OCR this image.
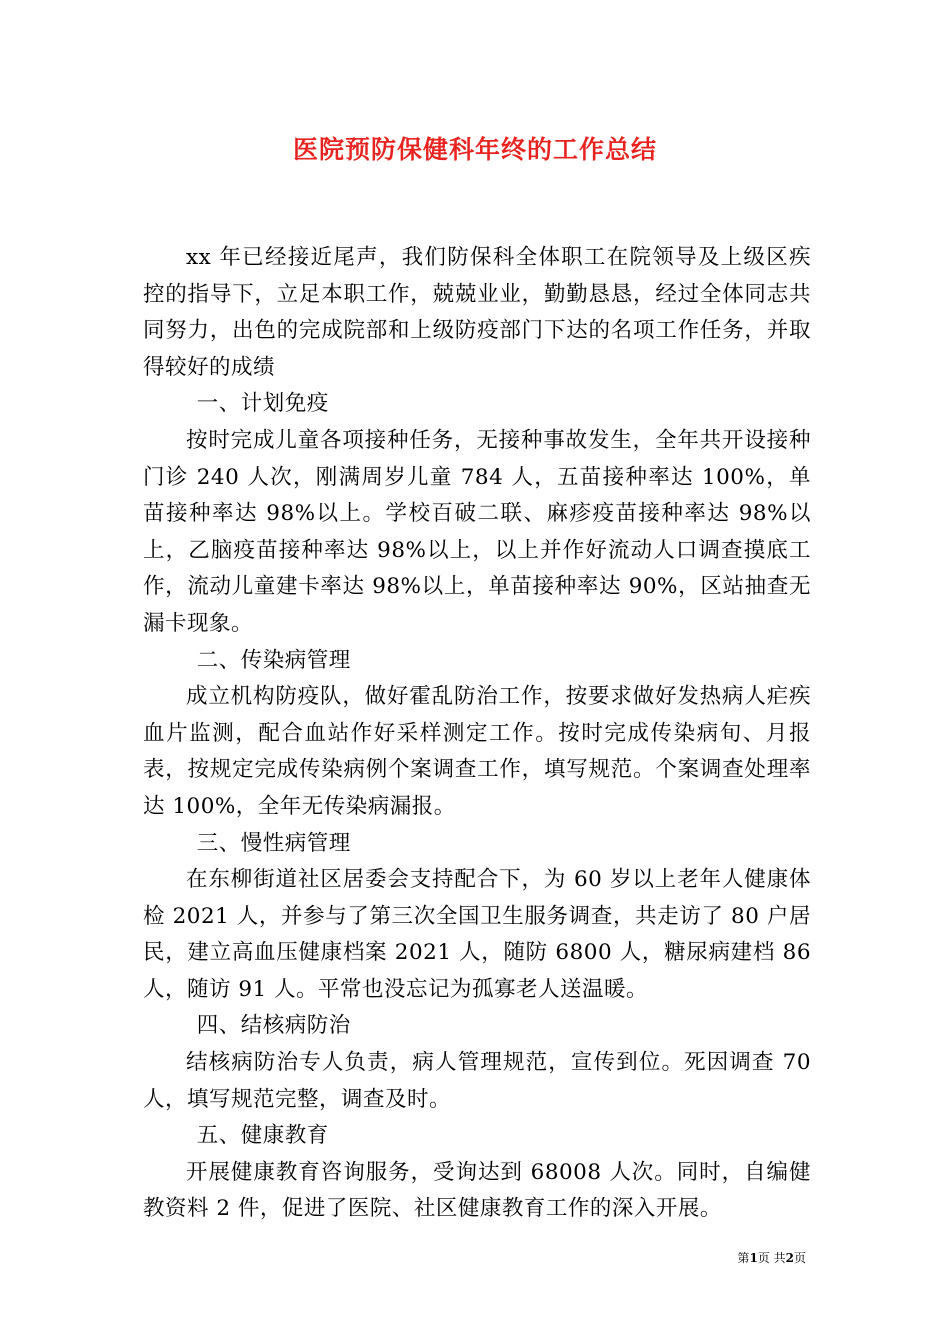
医院预防保健科年终的工作总结

xx 年已经接近尾声，我们防保科全体职工在院领导及上级区疾控的指导下，立足本职工作，兢兢业业，勤勤恳恳，经过全体同志共同努力，出色的完成院部和上级防疫部门下达的名项工作任务，并取得较好的成绩

一、计划免疫

按时完成儿童各项接种任务，无接种事故发生，全年共开设接种门诊 240 人次，刚满周岁儿童 784 人，五苗接种率达 100%，单苗接种率达 98%以上。学校百破二联、麻疹疫苗接种率达 98%以上，乙脑疫苗接种率达 98%以上，以上并作好流动人口调查摸底工作，流动儿童建卡率达 98%以上，单苗接种率达 90%，区站抽查无漏卡现象。

二、传染病管理

成立机构防疫队，做好霍乱防治工作，按要求做好发热病人疟疾血片监测，配合血站作好采样测定工作。按时完成传染病旬、月报表，按规定完成传染病例个案调查工作，填写规范。个案调查处理率达 100%，全年无传染病漏报。

三、慢性病管理

在东柳街道社区居委会支持配合下，为 60 岁以上老年人健康体检 2021 人，并参与了第三次全国卫生服务调查，共走访了 80 户居民，建立高血压健康档案 2021 人，随防 6800 人，糖尿病建档 86 人，随访 91 人。平常也没忘记为孤寡老人送温暖。

四、结核病防治

结核病防治专人负责，病人管理规范，宣传到位。死因调查 70 人，填写规范完整，调查及时。

五、健康教育

开展健康教育咨询服务，受询达到 68008 人次。同时，自编健教资料 2 件，促进了医院、社区健康教育工作的深入开展。

第1页 共2页
